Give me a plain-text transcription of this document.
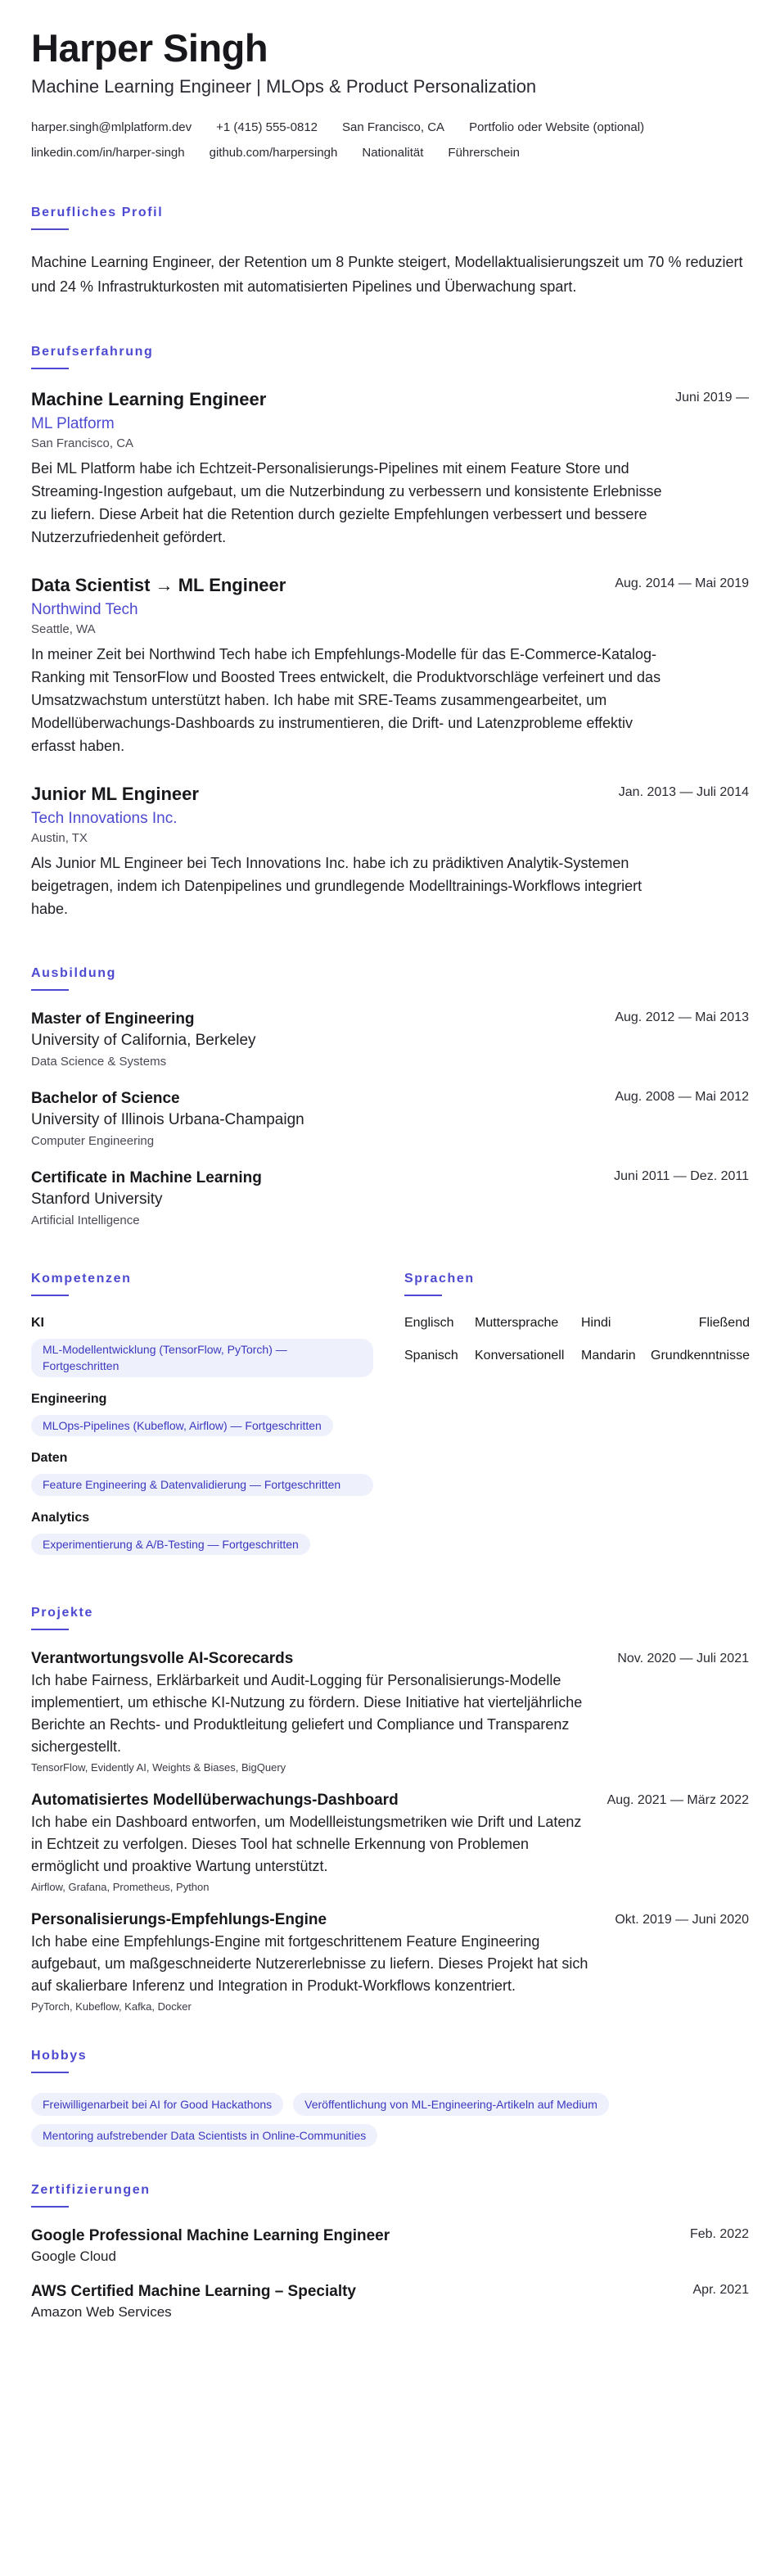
Harper Singh
Machine Learning Engineer | MLOps & Product Personalization
harper.singh@mlplatform.dev +1 (415) 555-0812 San Francisco, CA Portfolio oder Website (optional)
linkedin.com/in/harper-singh github.com/harpersingh Nationalität Führerschein
Berufliches Profil

Machine Learning Engineer, der Retention um 8 Punkte steigert, Modellaktualisierungszeit um 70 % reduziert und 24 % Infrastrukturkosten mit automatisierten Pipelines und Überwachung spart.

Berufserfahrung
Juni 2019 —
Machine Learning Engineer
ML Platform
San Francisco, CA

Bei ML Platform habe ich Echtzeit-Personalisierungs-Pipelines mit einem Feature Store und Streaming-Ingestion aufgebaut, um die Nutzerbindung zu verbessern und konsistente Erlebnisse zu liefern. Diese Arbeit hat die Retention durch gezielte Empfehlungen verbessert und bessere Nutzerzufriedenheit gefördert.

Aug. 2014 — Mai 2019
Data Scientist → ML Engineer
Northwind Tech
Seattle, WA

In meiner Zeit bei Northwind Tech habe ich Empfehlungs-Modelle für das E-Commerce-Katalog-Ranking mit TensorFlow und Boosted Trees entwickelt, die Produktvorschläge verfeinert und das Umsatzwachstum unterstützt haben. Ich habe mit SRE-Teams zusammengearbeitet, um Modellüberwachungs-Dashboards zu instrumentieren, die Drift- und Latenzprobleme effektiv erfasst haben.

Jan. 2013 — Juli 2014
Junior ML Engineer
Tech Innovations Inc.
Austin, TX

Als Junior ML Engineer bei Tech Innovations Inc. habe ich zu prädiktiven Analytik-Systemen beigetragen, indem ich Datenpipelines und grundlegende Modelltrainings-Workflows integriert habe.

Ausbildung
Aug. 2012 — Mai 2013
Master of Engineering
University of California, Berkeley
Data Science & Systems
Aug. 2008 — Mai 2012
Bachelor of Science
University of Illinois Urbana-Champaign
Computer Engineering
Juni 2011 — Dez. 2011
Certificate in Machine Learning
Stanford University
Artificial Intelligence
Kompetenzen
KI
ML-Modellentwicklung (TensorFlow, PyTorch) — Fortgeschritten
Engineering
MLOps-Pipelines (Kubeflow, Airflow) — Fortgeschritten
Daten
Feature Engineering & Datenvalidierung — Fortgeschritten
Analytics
Experimentierung & A/B-Testing — Fortgeschritten
Sprachen
Englisch	Muttersprache	Hindi	Fließend
Spanisch	Konversationell	Mandarin	Grundkenntnisse
Projekte
Nov. 2020 — Juli 2021
Verantwortungsvolle AI-Scorecards

Ich habe Fairness, Erklärbarkeit und Audit-Logging für Personalisierungs-Modelle implementiert, um ethische KI-Nutzung zu fördern. Diese Initiative hat vierteljährliche Berichte an Rechts- und Produktleitung geliefert und Compliance und Transparenz sichergestellt.

TensorFlow, Evidently AI, Weights & Biases, BigQuery

Aug. 2021 — März 2022
Automatisiertes Modellüberwachungs-Dashboard

Ich habe ein Dashboard entworfen, um Modellleistungsmetriken wie Drift und Latenz in Echtzeit zu verfolgen. Dieses Tool hat schnelle Erkennung von Problemen ermöglicht und proaktive Wartung unterstützt.

Airflow, Grafana, Prometheus, Python

Okt. 2019 — Juni 2020
Personalisierungs-Empfehlungs-Engine

Ich habe eine Empfehlungs-Engine mit fortgeschrittenem Feature Engineering aufgebaut, um maßgeschneiderte Nutzererlebnisse zu liefern. Dieses Projekt hat sich auf skalierbare Inferenz und Integration in Produkt-Workflows konzentriert.

PyTorch, Kubeflow, Kafka, Docker

Hobbys
Freiwilligenarbeit bei AI for Good Hackathons	Veröffentlichung von ML-Engineering-Artikeln auf Medium
Mentoring aufstrebender Data Scientists in Online-Communities
Zertifizierungen
Feb. 2022
Google Professional Machine Learning Engineer
Google Cloud
Apr. 2021
AWS Certified Machine Learning – Specialty
Amazon Web Services
